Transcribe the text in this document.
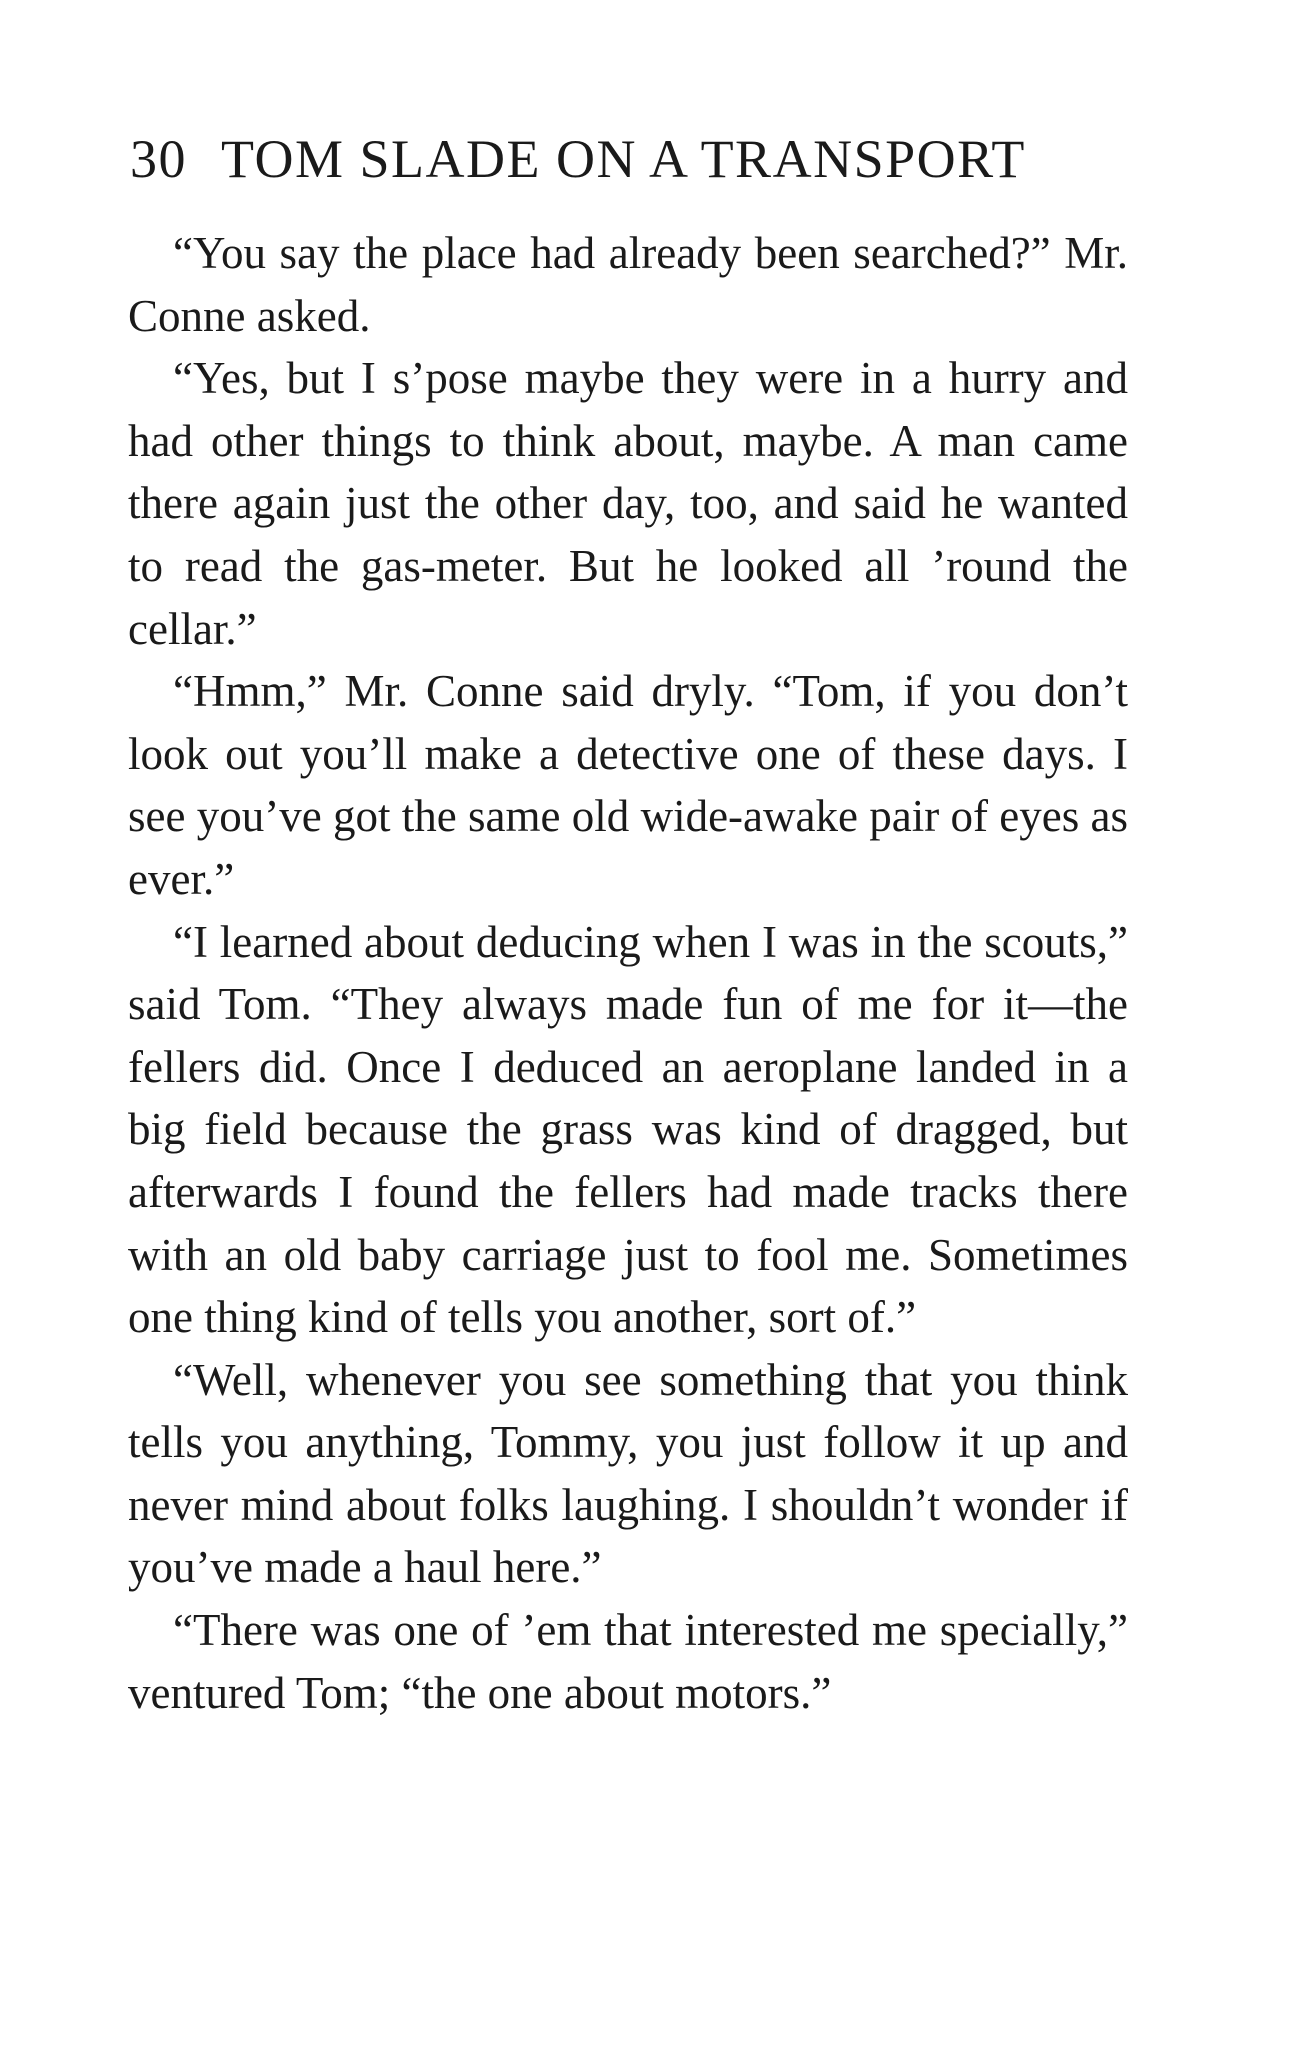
30 TOM SLADE ON A TRANSPORT

“You say the place had already been searched?” Mr. Conne asked.

“Yes, but I s’pose maybe they were in a hurry and had other things to think about, maybe. A man came there again just the other day, too, and said he wanted to read the gas-meter. But he looked all ’round the cellar.”

“Hmm,” Mr. Conne said dryly. “Tom, if you don’t look out you’ll make a detective one of these days. I see you’ve got the same old wide-awake pair of eyes as ever.”

“I learned about deducing when I was in the scouts,” said Tom. “They always made fun of me for it—the fellers did. Once I deduced an aeroplane landed in a big field because the grass was kind of dragged, but afterwards I found the fellers had made tracks there with an old baby carriage just to fool me. Sometimes one thing kind of tells you another, sort of.”

“Well, whenever you see something that you think tells you anything, Tommy, you just follow it up and never mind about folks laughing. I shouldn’t wonder if you’ve made a haul here.”

“There was one of ’em that interested me specially,” ventured Tom; “the one about motors.”
